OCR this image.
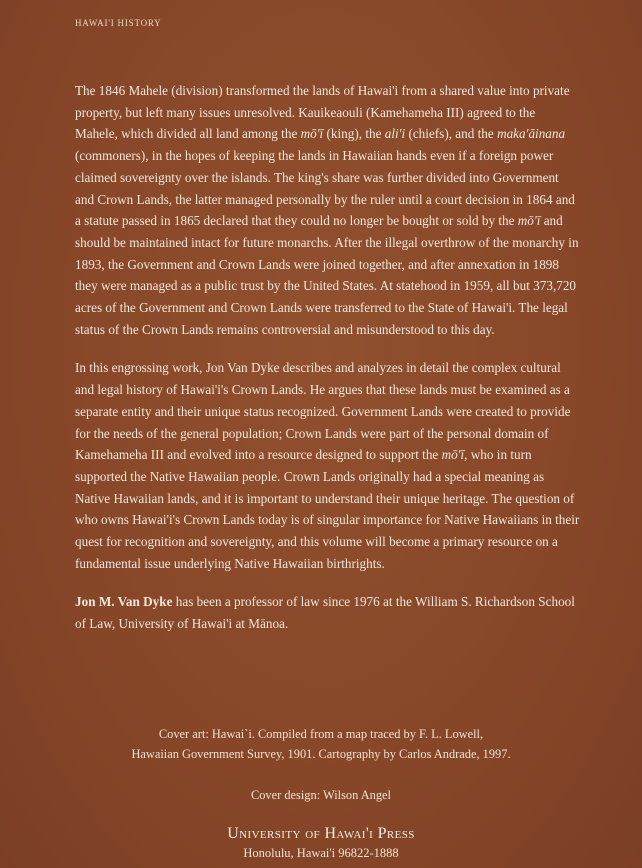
HAWAI'I HISTORY

The 1846 Mahele (division) transformed the lands of Hawai'i from a shared value into private property, but left many issues unresolved. Kauikeaouli (Kamehameha III) agreed to the Mahele, which divided all land among the mō'ī (king), the ali'i (chiefs), and the maka'āinana (commoners), in the hopes of keeping the lands in Hawaiian hands even if a foreign power claimed sovereignty over the islands. The king's share was further divided into Government and Crown Lands, the latter managed personally by the ruler until a court decision in 1864 and a statute passed in 1865 declared that they could no longer be bought or sold by the mō'ī and should be maintained intact for future monarchs. After the illegal overthrow of the monarchy in 1893, the Government and Crown Lands were joined together, and after annexation in 1898 they were managed as a public trust by the United States. At statehood in 1959, all but 373,720 acres of the Government and Crown Lands were transferred to the State of Hawai'i. The legal status of the Crown Lands remains controversial and misunderstood to this day.

In this engrossing work, Jon Van Dyke describes and analyzes in detail the complex cultural and legal history of Hawai'i's Crown Lands. He argues that these lands must be examined as a separate entity and their unique status recognized. Government Lands were created to provide for the needs of the general population; Crown Lands were part of the personal domain of Kamehameha III and evolved into a resource designed to support the mō'ī, who in turn supported the Native Hawaiian people. Crown Lands originally had a special meaning as Native Hawaiian lands, and it is important to understand their unique heritage. The question of who owns Hawai'i's Crown Lands today is of singular importance for Native Hawaiians in their quest for recognition and sovereignty, and this volume will become a primary resource on a fundamental issue underlying Native Hawaiian birthrights.

Jon M. Van Dyke has been a professor of law since 1976 at the William S. Richardson School of Law, University of Hawai'i at Mānoa.

Cover art: Hawai`i. Compiled from a map traced by F. L. Lowell,
Hawaiian Government Survey, 1901. Cartography by Carlos Andrade, 1997.
Cover design: Wilson Angel
University of Hawai'i Press
Honolulu, Hawai'i 96822-1888
